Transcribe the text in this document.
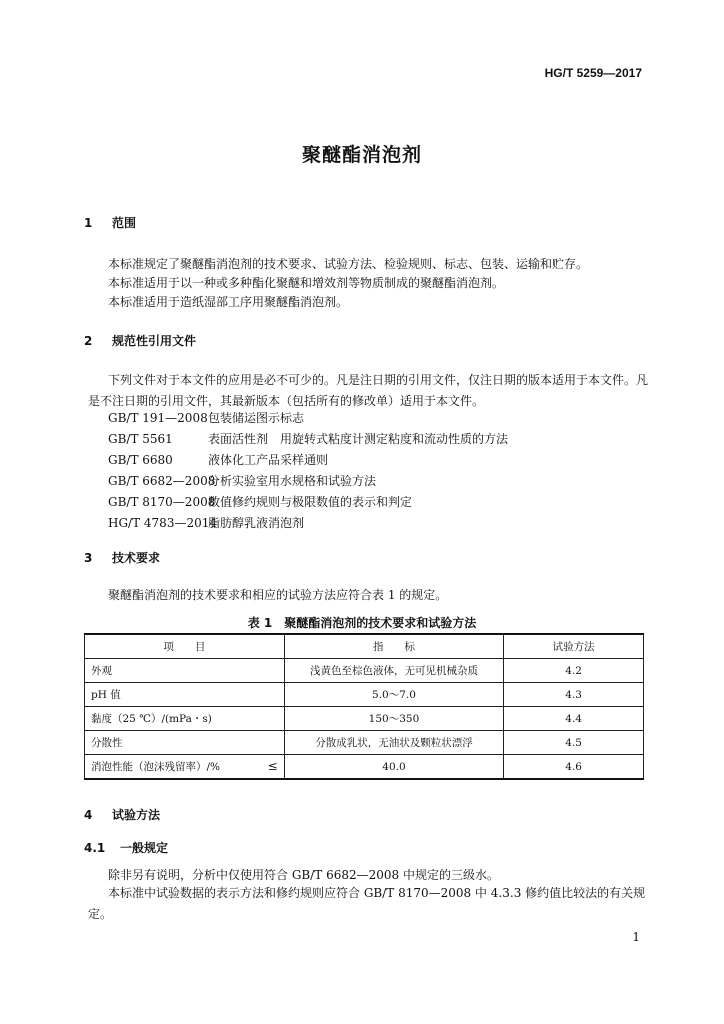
HG/T 5259—2017
聚醚酯消泡剂
1 范围
本标准规定了聚醚酯消泡剂的技术要求、试验方法、检验规则、标志、包装、运输和贮存。
本标准适用于以一种或多种酯化聚醚和增效剂等物质制成的聚醚酯消泡剂。
本标准适用于造纸湿部工序用聚醚酯消泡剂。
2 规范性引用文件
下列文件对于本文件的应用是必不可少的。凡是注日期的引用文件，仅注日期的版本适用于本文件。凡是不注日期的引用文件，其最新版本（包括所有的修改单）适用于本文件。
GB/T 191—2008包装储运图示标志
GB/T 5561	表面活性剂　用旋转式粘度计测定粘度和流动性质的方法
GB/T 6680	液体化工产品采样通则
GB/T 6682—2008分析实验室用水规格和试验方法
GB/T 8170—2008数值修约规则与极限数值的表示和判定
HG/T 4783—2014脂肪醇乳液消泡剂
3 技术要求
聚醚酯消泡剂的技术要求和相应的试验方法应符合表 1 的规定。
表 1　聚醚酯消泡剂的技术要求和试验方法
项　　目	指　　标	试验方法
外观	浅黄色至棕色液体，无可见机械杂质	4.2
pH 值	5.0～7.0	4.3
黏度（25 ℃）/(mPa・s)	150～350	4.4
分散性	分散成乳状，无油状及颗粒状漂浮	4.5
消泡性能（泡沫残留率）/% ≤	40.0	4.6
4 试验方法
4.1 一般规定
除非另有说明，分析中仅使用符合 GB/T 6682—2008 中规定的三级水。
本标准中试验数据的表示方法和修约规则应符合 GB/T 8170—2008 中 4.3.3 修约值比较法的有关规定。
1
